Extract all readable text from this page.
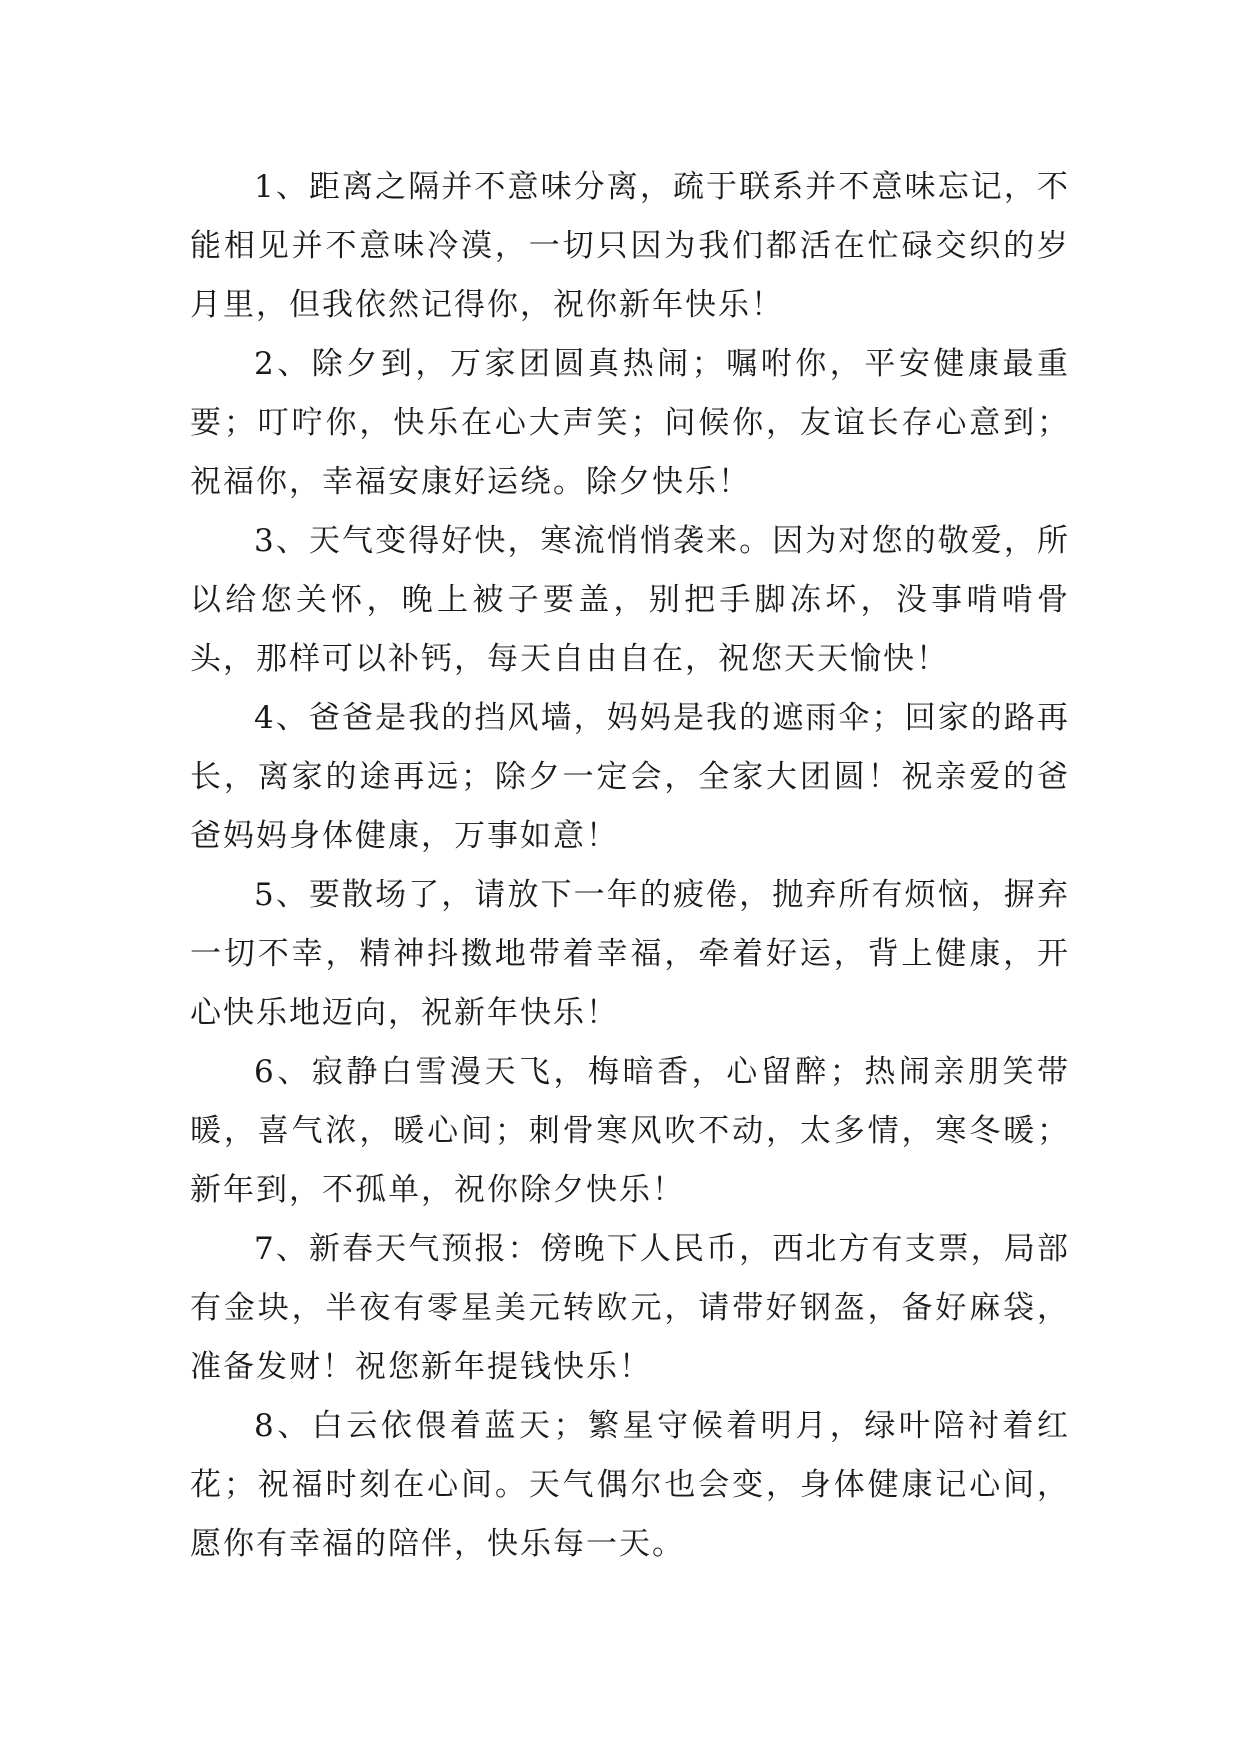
1、距离之隔并不意味分离，疏于联系并不意味忘记，不能相见并不意味冷漠，一切只因为我们都活在忙碌交织的岁月里，但我依然记得你，祝你新年快乐！

2、除夕到，万家团圆真热闹；嘱咐你，平安健康最重要；叮咛你，快乐在心大声笑；问候你，友谊长存心意到；祝福你，幸福安康好运绕。除夕快乐！

3、天气变得好快，寒流悄悄袭来。因为对您的敬爱，所以给您关怀，晚上被子要盖，别把手脚冻坏，没事啃啃骨头，那样可以补钙，每天自由自在，祝您天天愉快！

4、爸爸是我的挡风墙，妈妈是我的遮雨伞；回家的路再长，离家的途再远；除夕一定会，全家大团圆！祝亲爱的爸爸妈妈身体健康，万事如意！

5、要散场了，请放下一年的疲倦，抛弃所有烦恼，摒弃一切不幸，精神抖擞地带着幸福，牵着好运，背上健康，开心快乐地迈向，祝新年快乐！

6、寂静白雪漫天飞，梅暗香，心留醉；热闹亲朋笑带暖，喜气浓，暖心间；刺骨寒风吹不动，太多情，寒冬暖；新年到，不孤单，祝你除夕快乐！

7、新春天气预报：傍晚下人民币，西北方有支票，局部有金块，半夜有零星美元转欧元，请带好钢盔，备好麻袋，准备发财！祝您新年提钱快乐！

8、白云依偎着蓝天；繁星守候着明月，绿叶陪衬着红花；祝福时刻在心间。天气偶尔也会变，身体健康记心间，愿你有幸福的陪伴，快乐每一天。
